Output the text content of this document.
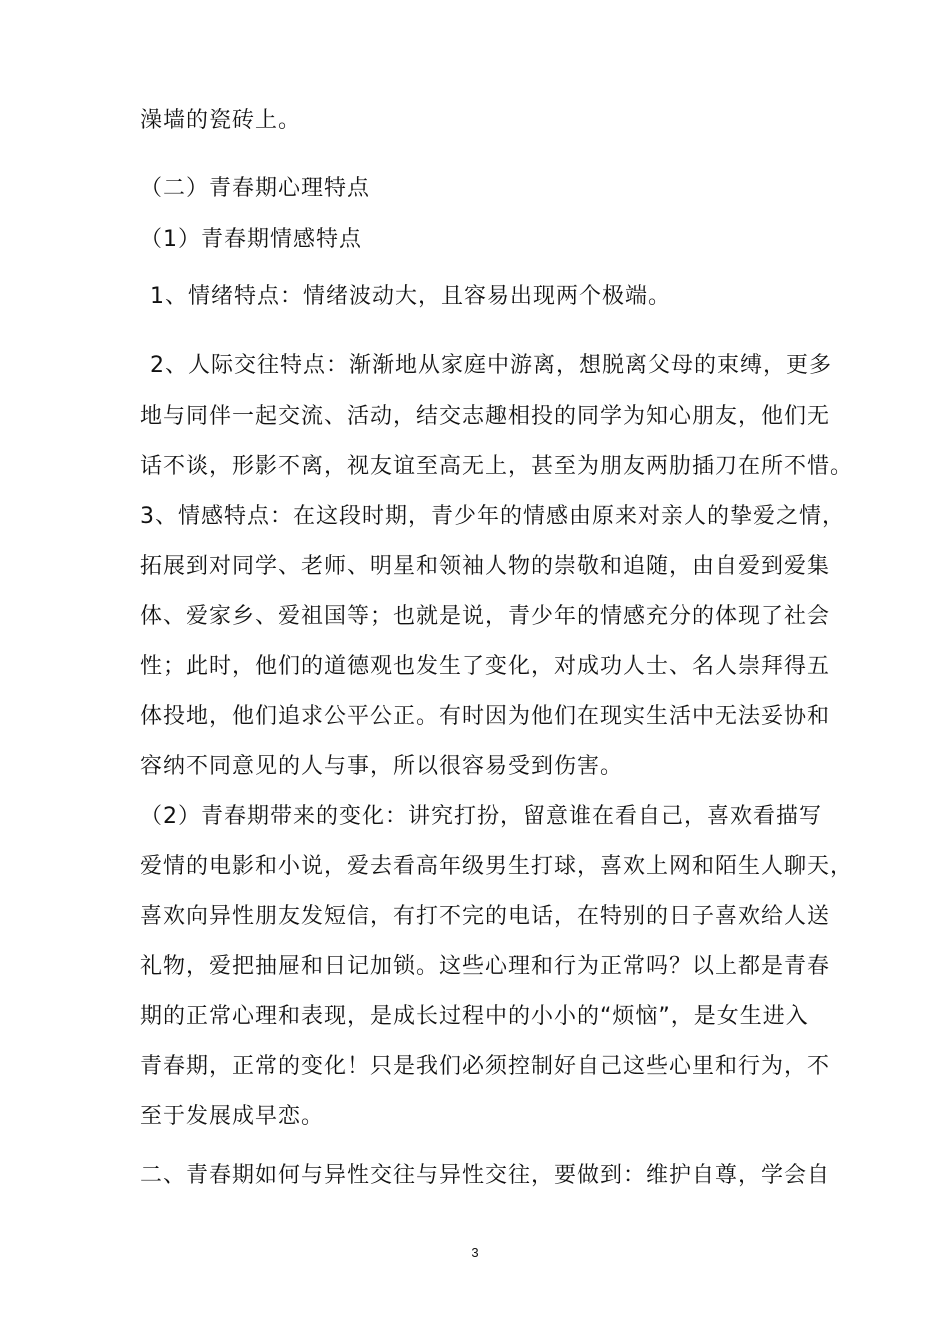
澡墙的瓷砖上。
（二）青春期心理特点
（1）青春期情感特点
1、情绪特点：情绪波动大，且容易出现两个极端。
2、人际交往特点：渐渐地从家庭中游离，想脱离父母的束缚，更多
地与同伴一起交流、活动，结交志趣相投的同学为知心朋友，他们无
话不谈，形影不离，视友谊至高无上，甚至为朋友两肋插刀在所不惜。
3、情感特点：在这段时期，青少年的情感由原来对亲人的挚爱之情，
拓展到对同学、老师、明星和领袖人物的崇敬和追随，由自爱到爱集
体、爱家乡、爱祖国等；也就是说，青少年的情感充分的体现了社会
性；此时，他们的道德观也发生了变化，对成功人士、名人崇拜得五
体投地，他们追求公平公正。有时因为他们在现实生活中无法妥协和
容纳不同意见的人与事，所以很容易受到伤害。
（2）青春期带来的变化：讲究打扮，留意谁在看自己，喜欢看描写
爱情的电影和小说，爱去看高年级男生打球，喜欢上网和陌生人聊天，
喜欢向异性朋友发短信，有打不完的电话，在特别的日子喜欢给人送
礼物，爱把抽屉和日记加锁。这些心理和行为正常吗？以上都是青春
期的正常心理和表现，是成长过程中的小小的“烦恼”，是女生进入
青春期，正常的变化！只是我们必须控制好自己这些心里和行为，不
至于发展成早恋。
二、青春期如何与异性交往与异性交往，要做到：维护自尊，学会自
3
